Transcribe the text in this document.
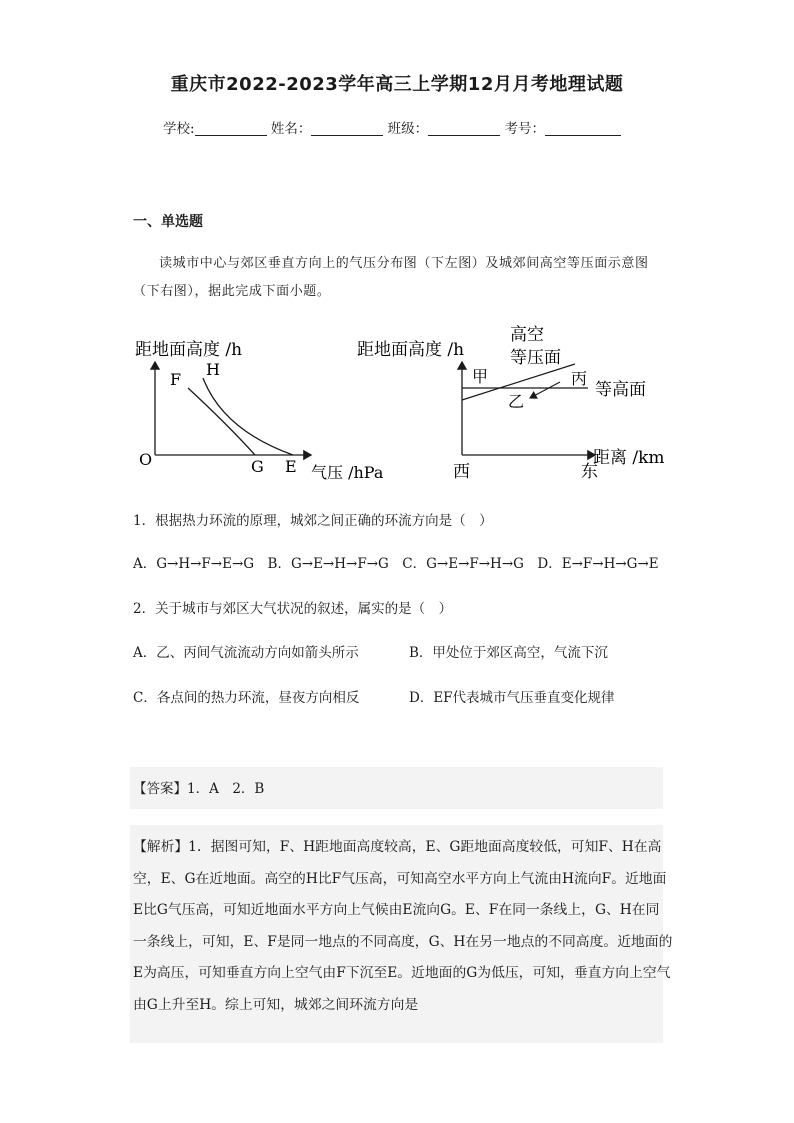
重庆市2022-2023学年高三上学期12月月考地理试题
学校:	姓名：	班级：	考号：
一、单选题

读城市中心与郊区垂直方向上的气压分布图（下左图）及城郊间高空等压面示意图（下右图），据此完成下面小题。

距地面高度 /h
气压 /hPa
O
F
H
G E
距地面高度 /h
高空
等压面
甲	丙
乙
等高面
距离 /km
西	东
1．根据热力环流的原理，城郊之间正确的环流方向是（　）
A．G→H→F→E→G　B．G→E→H→F→G　C．G→E→F→H→G　D．E→F→H→G→E
2．关于城市与郊区大气状况的叙述，属实的是（　）
A．乙、丙间气流流动方向如箭头所示	B．甲处位于郊区高空，气流下沉
C．各点间的热力环流，昼夜方向相反	D．EF代表城市气压垂直变化规律
【答案】1．A　2．B

【解析】1．据图可知，F、H距地面高度较高，E、G距地面高度较低，可知F、H在高空，E、G在近地面。高空的H比F气压高，可知高空水平方向上气流由H流向F。近地面E比G气压高，可知近地面水平方向上气候由E流向G。E、F在同一条线上，G、H在同一条线上，可知，E、F是同一地点的不同高度，G、H在另一地点的不同高度。近地面的E为高压，可知垂直方向上空气由F下沉至E。近地面的G为低压，可知，垂直方向上空气由G上升至H。综上可知，城郊之间环流方向是
